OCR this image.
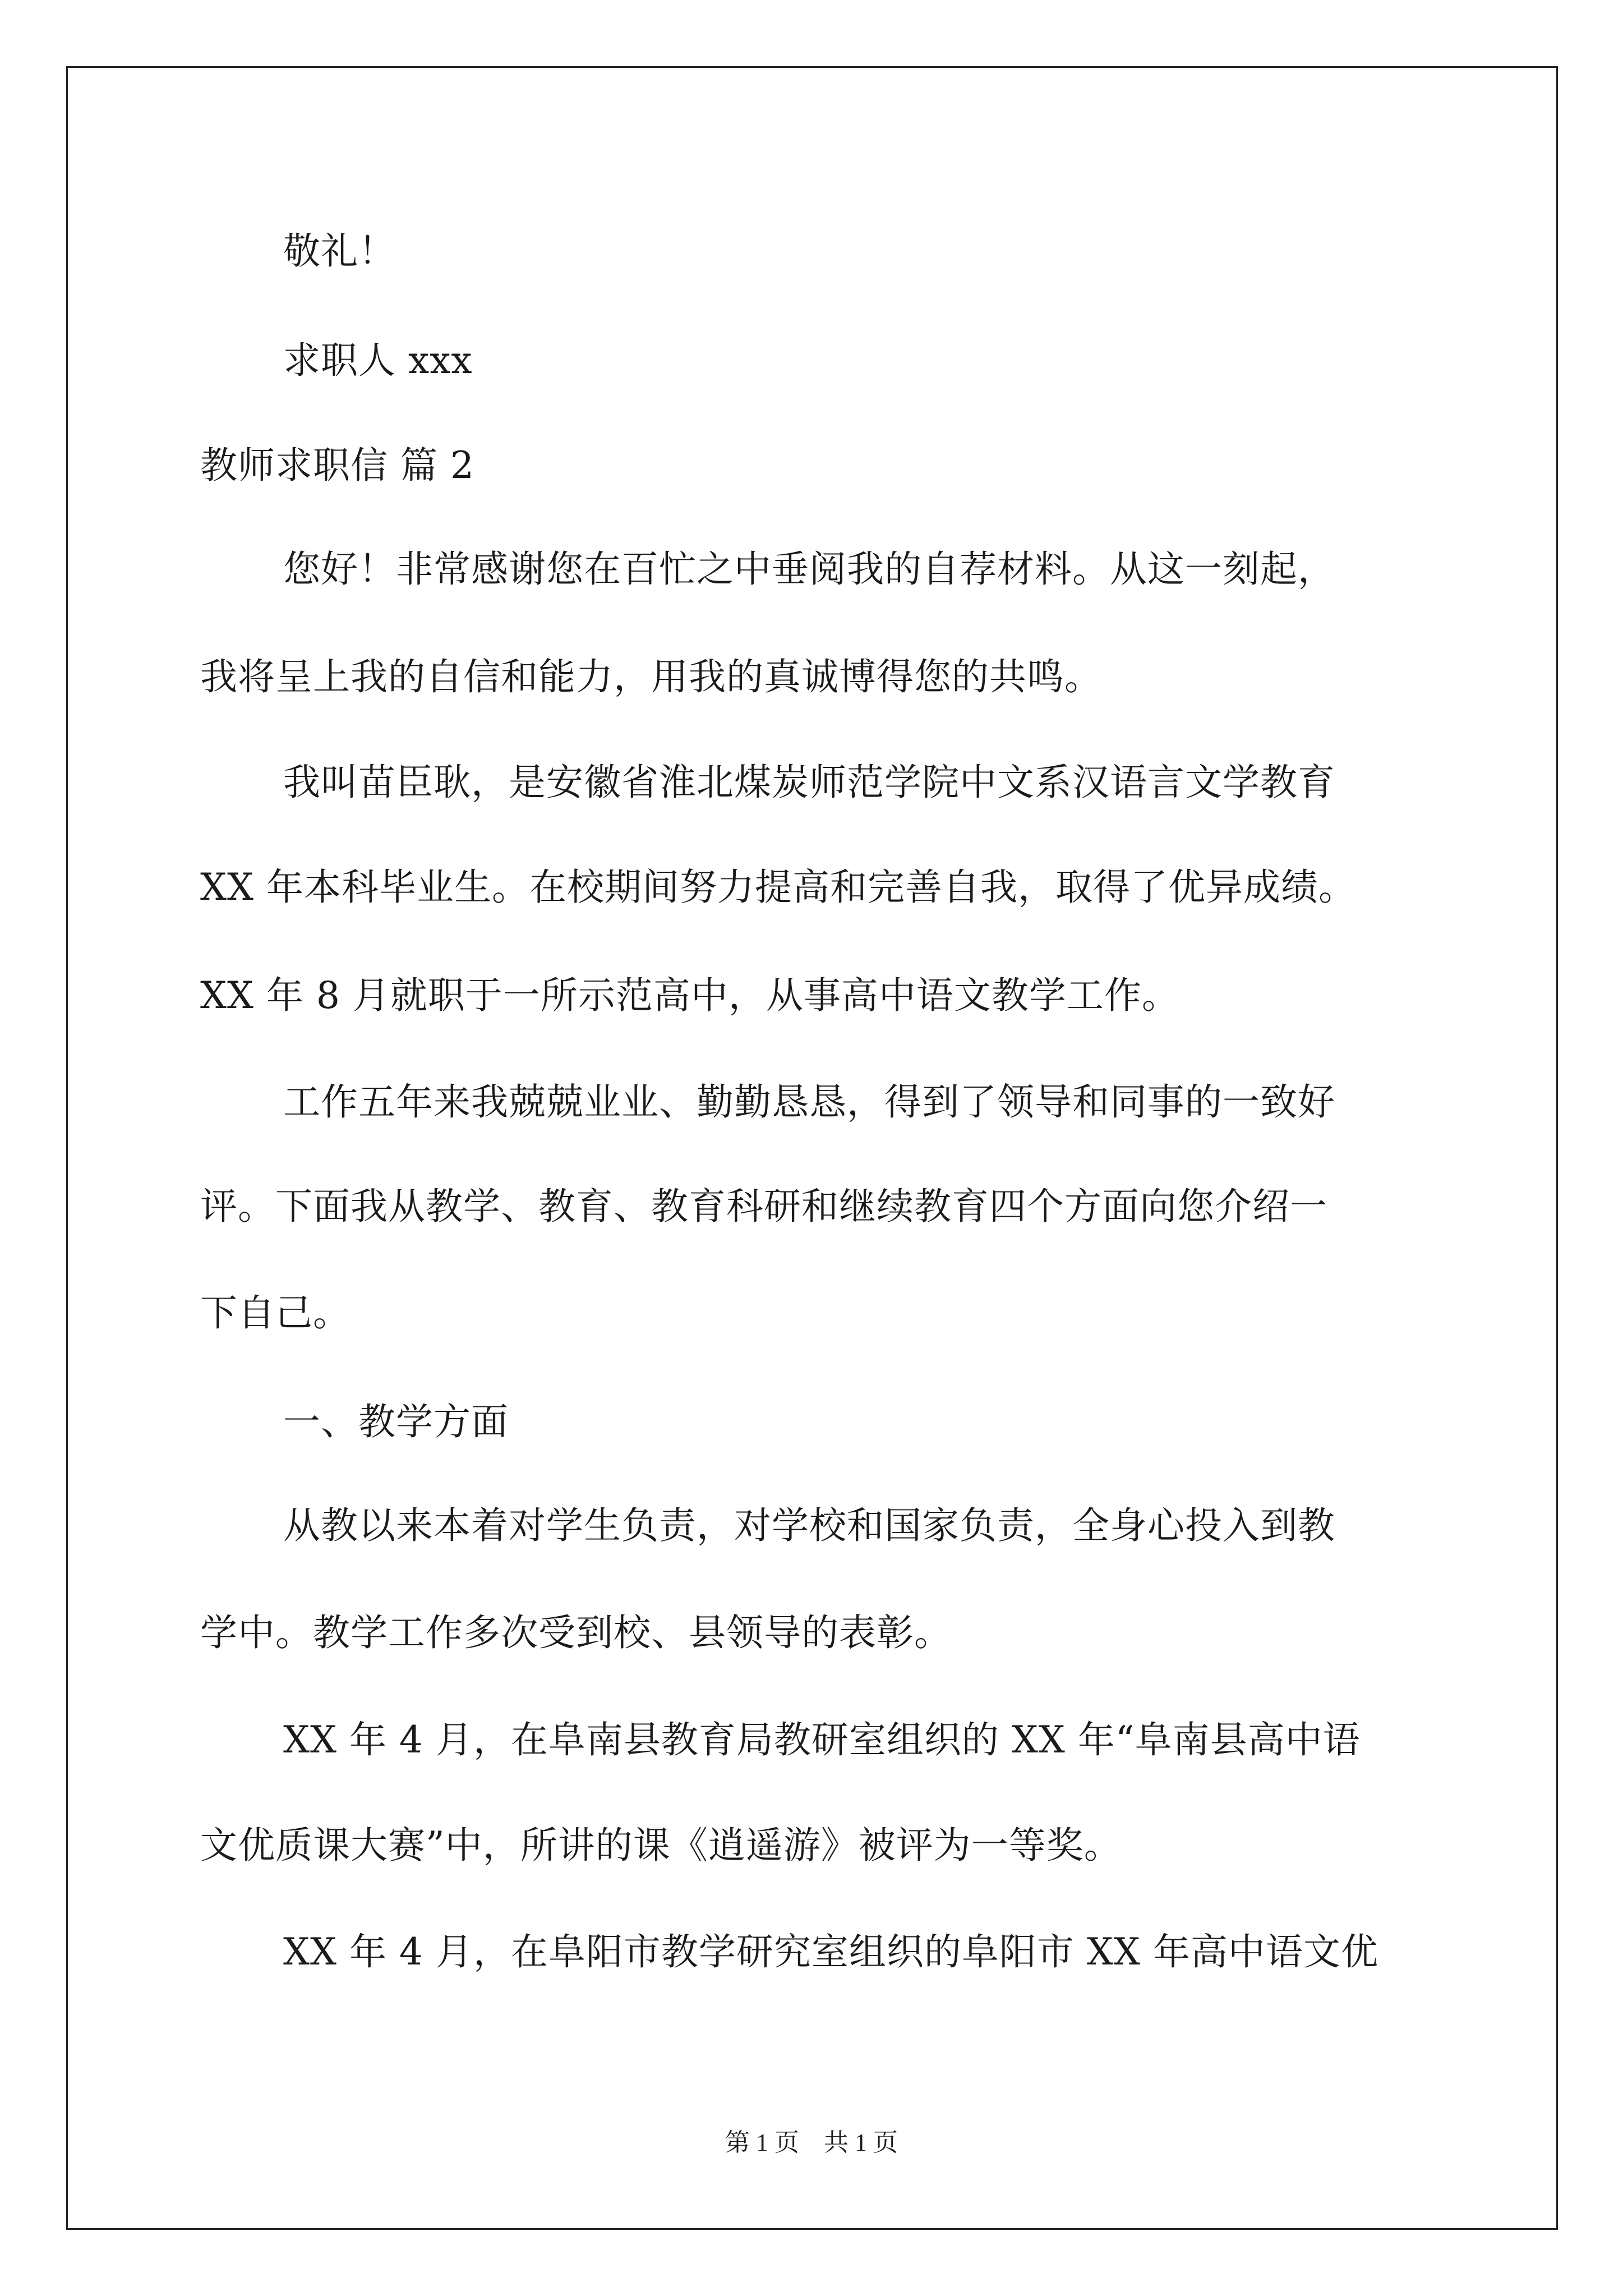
敬礼！

求职人 xxx

教师求职信 篇 2

您好！非常感谢您在百忙之中垂阅我的自荐材料。从这一刻起，

我将呈上我的自信和能力，用我的真诚博得您的共鸣。

我叫苗臣耿，是安徽省淮北煤炭师范学院中文系汉语言文学教育

XX 年本科毕业生。在校期间努力提高和完善自我，取得了优异成绩。

XX 年 8 月就职于一所示范高中，从事高中语文教学工作。

工作五年来我兢兢业业、勤勤恳恳，得到了领导和同事的一致好

评。下面我从教学、教育、教育科研和继续教育四个方面向您介绍一

下自己。

一、教学方面

从教以来本着对学生负责，对学校和国家负责，全身心投入到教

学中。教学工作多次受到校、县领导的表彰。

XX 年 4 月，在阜南县教育局教研室组织的 XX 年“阜南县高中语

文优质课大赛”中，所讲的课《逍遥游》被评为一等奖。

XX 年 4 月，在阜阳市教学研究室组织的阜阳市 XX 年高中语文优

第 1 页　共 1 页
